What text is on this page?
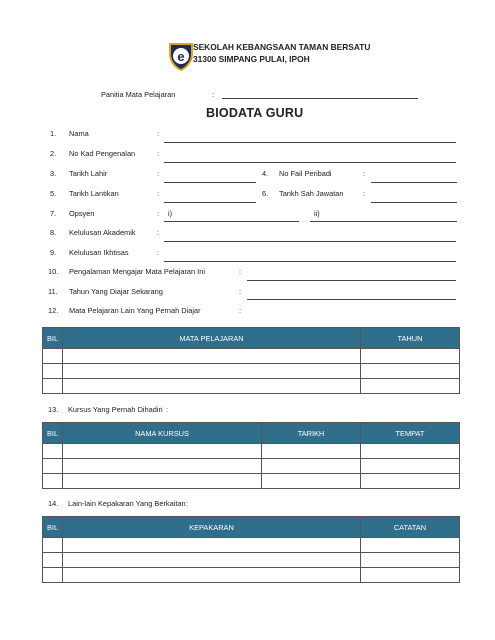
e
SEKOLAH KEBANGSAAN TAMAN BERSATU
31300 SIMPANG PULAI, IPOH
Panitia Mata Pelajaran	:
BIODATA GURU
1. Nama	:
2. No Kad Pengenalan	:
3. Tarikh Lahir	:	4. No Fail Peribadi	:
5. Tarikh Lantikan	:	6. Tarikh Sah Jawatan	:
7. Opsyen	: i)	ii)
8. Kelulusan Akademik	:
9. Kelulusan Ikhtisas	:
10. Pengalaman Mengajar Mata Pelajaran Ini	:
11. Tahun Yang Diajar Sekarang	:
12. Mata Pelajaran Lain Yang Pernah Diajar	:
BIL	MATA PELAJARAN	TAHUN

13. Kursus Yang Pernah Dihadiri :
BIL	NAMA KURSUS	TARIKH	TEMPAT

14. Lain-lain Kepakaran Yang Berkaitan :
BIL	KEPAKARAN	CATATAN
